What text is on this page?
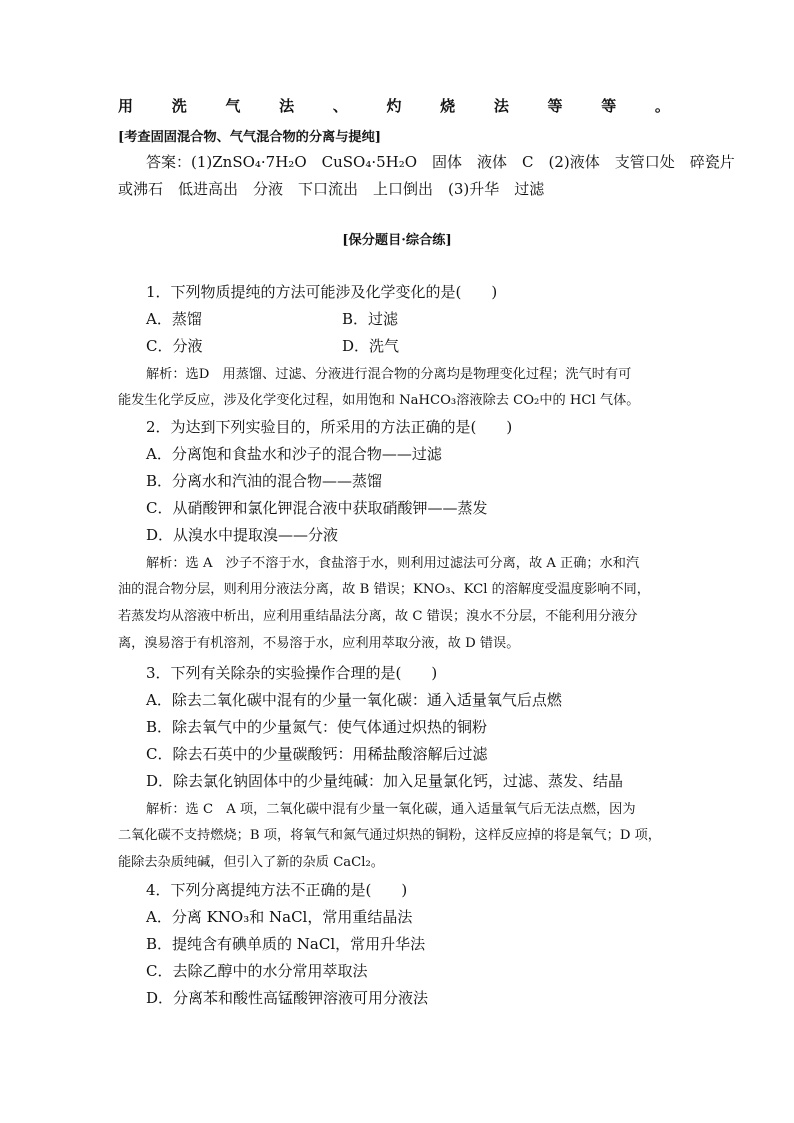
用	洗	气	法	、	灼	烧	法	等	等	。
[考查固固混合物、气气混合物的分离与提纯]
答案：(1)ZnSO₄·7H₂O　CuSO₄·5H₂O　固体　液体　C　(2)液体　支管口处　碎瓷片
或沸石　低进高出　分液　下口流出　上口倒出　(3)升华　过滤
[保分题目·综合练]
1．下列物质提纯的方法可能涉及化学变化的是(　　)
A．蒸馏	B．过滤
C．分液	D．洗气
解析：选D　用蒸馏、过滤、分液进行混合物的分离均是物理变化过程；洗气时有可
能发生化学反应，涉及化学变化过程，如用饱和 NaHCO₃溶液除去 CO₂中的 HCl 气体。
2．为达到下列实验目的，所采用的方法正确的是(　　)
A．分离饱和食盐水和沙子的混合物——过滤
B．分离水和汽油的混合物——蒸馏
C．从硝酸钾和氯化钾混合液中获取硝酸钾——蒸发
D．从溴水中提取溴——分液
解析：选 A　沙子不溶于水，食盐溶于水，则利用过滤法可分离，故 A 正确；水和汽
油的混合物分层，则利用分液法分离，故 B 错误；KNO₃、KCl 的溶解度受温度影响不同，
若蒸发均从溶液中析出，应利用重结晶法分离，故 C 错误；溴水不分层，不能利用分液分
离，溴易溶于有机溶剂，不易溶于水，应利用萃取分液，故 D 错误。
3．下列有关除杂的实验操作合理的是(　　)
A．除去二氧化碳中混有的少量一氧化碳：通入适量氧气后点燃
B．除去氧气中的少量氮气：使气体通过炽热的铜粉
C．除去石英中的少量碳酸钙：用稀盐酸溶解后过滤
D．除去氯化钠固体中的少量纯碱：加入足量氯化钙，过滤、蒸发、结晶
解析：选 C　A 项，二氧化碳中混有少量一氧化碳，通入适量氧气后无法点燃，因为
二氧化碳不支持燃烧；B 项，将氧气和氮气通过炽热的铜粉，这样反应掉的将是氧气；D 项，
能除去杂质纯碱，但引入了新的杂质 CaCl₂。
4．下列分离提纯方法不正确的是(　　)
A．分离 KNO₃和 NaCl，常用重结晶法
B．提纯含有碘单质的 NaCl，常用升华法
C．去除乙醇中的水分常用萃取法
D．分离苯和酸性高锰酸钾溶液可用分液法
